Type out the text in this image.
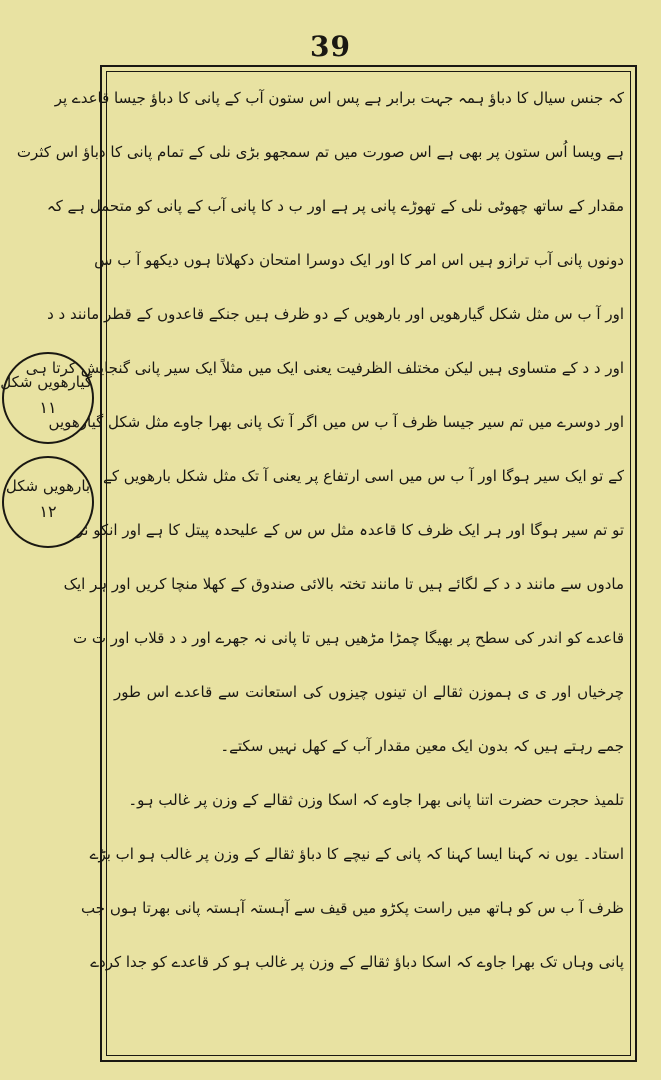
39
کہ جنس سیال کا دباؤ ہمہ جہت برابر ہے پس اس ستون آب کے پانی کا دباؤ جیسا قاعدے پر
ہے ویسا اُس ستون پر بھی ہے اس صورت میں تم سمجھو بڑی نلی کے تمام پانی کا دباؤ اس کثرت
مقدار کے ساتھ چھوٹی نلی کے تھوڑے پانی پر ہے اور ب د کا پانی آب کے پانی کو متحمل ہے کہ
دونوں پانی آب ترازو ہیں اس امر کا اور ایک دوسرا امتحان دکھلاتا ہوں دیکھو آ ب س
اور آ ب س مثل شکل گیارھویں اور بارھویں کے دو ظرف ہیں جنکے قاعدوں کے قطر مانند د د
اور د د کے متساوی ہیں لیکن مختلف الظرفیت یعنی ایک میں مثلاً ایک سیر پانی گنجایش کرتا ہی
اور دوسرے میں تم سیر جیسا ظرف آ ب س میں اگر آ تک پانی بھرا جاوے مثل شکل گیارھویں
کے تو ایک سیر ہوگا اور آ ب س میں اسی ارتفاع پر یعنی آ تک مثل شکل بارھویں کے
تو تم سیر ہوگا اور ہر ایک ظرف کا قاعدہ مثل س س کے علیحدہ پیتل کا ہے اور انکو نر
مادوں سے مانند د د کے لگائے ہیں تا مانند تختہ بالائی صندوق کے کھلا منچا کریں اور ہر ایک
قاعدے کو اندر کی سطح پر بھیگا چمڑا مڑھیں ہیں تا پانی نہ جھرے اور د د قلاب اور ت ت
چرخیاں اور ی ی ہموزن ثقالے ان تینوں چیزوں کی استعانت سے قاعدے اس طور
جمے رہتے ہیں کہ بدون ایک معین مقدار آب کے کھل نہیں سکتے۔
تلمیذ حجرت حضرت اتنا پانی بھرا جاوے کہ اسکا وزن ثقالے کے وزن پر غالب ہو۔
استاد۔ یوں نہ کہنا ایسا کہنا کہ پانی کے نیچے کا دباؤ ثقالے کے وزن پر غالب ہو اب بڑے
ظرف آ ب س کو ہاتھ میں راست پکڑو میں قیف سے آہستہ آہستہ پانی بھرتا ہوں جب
پانی وہاں تک بھرا جاوے کہ اسکا دباؤ ثقالے کے وزن پر غالب ہو کر قاعدے کو جدا کردے
گیارھویں شکل
۱۱
بارھویں شکل
۱۲
